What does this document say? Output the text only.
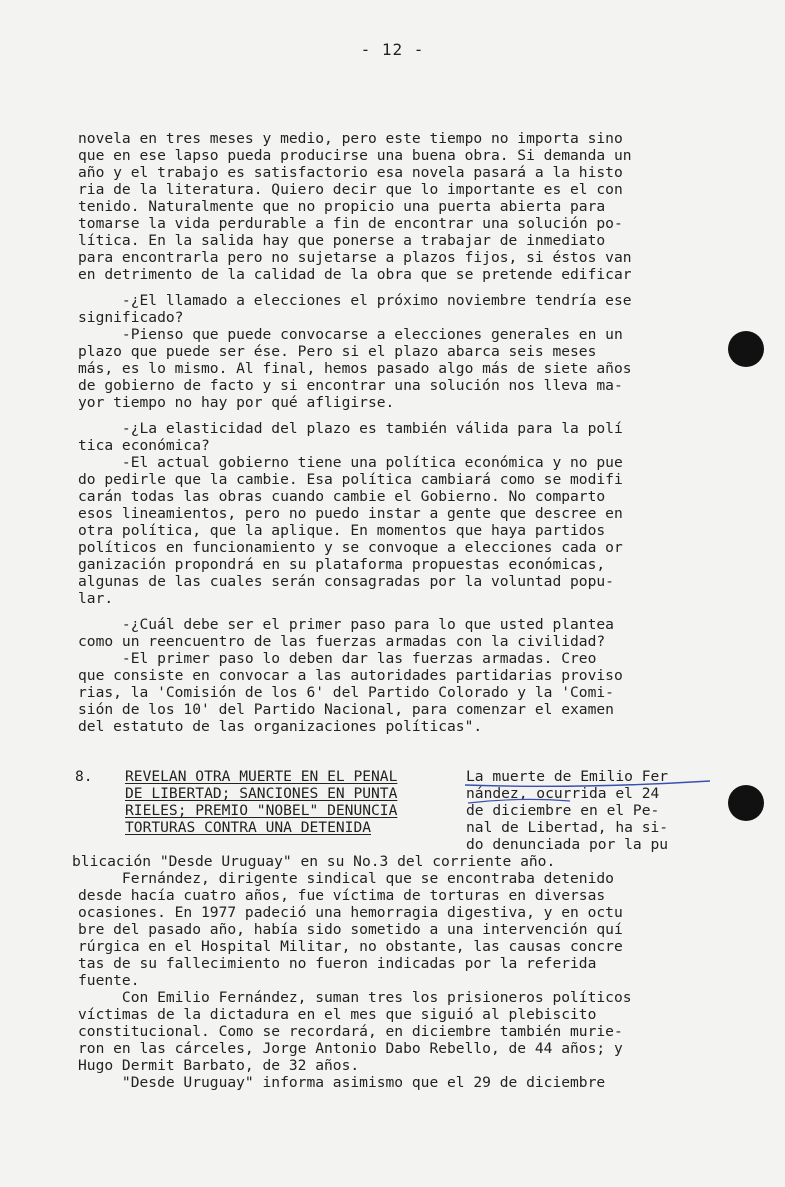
- 12 -
novela en tres meses y medio, pero este tiempo no importa sino
que en ese lapso pueda producirse una buena obra. Si demanda un
año y el trabajo es satisfactorio esa novela pasará a la histo
ria de la literatura. Quiero decir que lo importante es el con
tenido. Naturalmente que no propicio una puerta abierta para
tomarse la vida perdurable a fin de encontrar una solución po-
lítica. En la salida hay que ponerse a trabajar de inmediato
para encontrarla pero no sujetarse a plazos fijos, si éstos van
en detrimento de la calidad de la obra que se pretende edificar
-¿El llamado a elecciones el próximo noviembre tendría ese
significado?
-Pienso que puede convocarse a elecciones generales en un
plazo que puede ser ése. Pero si el plazo abarca seis meses
más, es lo mismo. Al final, hemos pasado algo más de siete años
de gobierno de facto y si encontrar una solución nos lleva ma-
yor tiempo no hay por qué afligirse.
-¿La elasticidad del plazo es también válida para la polí
tica económica?
-El actual gobierno tiene una política económica y no pue
do pedirle que la cambie. Esa política cambiará como se modifi
carán todas las obras cuando cambie el Gobierno. No comparto
esos lineamientos, pero no puedo instar a gente que descree en
otra política, que la aplique. En momentos que haya partidos
políticos en funcionamiento y se convoque a elecciones cada or
ganización propondrá en su plataforma propuestas económicas,
algunas de las cuales serán consagradas por la voluntad popu-
lar.
-¿Cuál debe ser el primer paso para lo que usted plantea
como un reencuentro de las fuerzas armadas con la civilidad?
-El primer paso lo deben dar las fuerzas armadas. Creo
que consiste en convocar a las autoridades partidarias proviso
rias, la 'Comisión de los 6' del Partido Colorado y la 'Comi-
sión de los 10' del Partido Nacional, para comenzar el examen
del estatuto de las organizaciones políticas".
8. REVELAN OTRA MUERTE EN EL PENAL
DE LIBERTAD; SANCIONES EN PUNTA
RIELES; PREMIO "NOBEL" DENUNCIA
TORTURAS CONTRA UNA DETENIDA
La muerte de Emilio Fer
nández, ocurrida el 24
de diciembre en el Pe-
nal de Libertad, ha si-
do denunciada por la pu
blicación "Desde Uruguay" en su No.3 del corriente año.
Fernández, dirigente sindical que se encontraba detenido
desde hacía cuatro años, fue víctima de torturas en diversas
ocasiones. En 1977 padeció una hemorragia digestiva, y en octu
bre del pasado año, había sido sometido a una intervención quí
rúrgica en el Hospital Militar, no obstante, las causas concre
tas de su fallecimiento no fueron indicadas por la referida
fuente.
Con Emilio Fernández, suman tres los prisioneros políticos
víctimas de la dictadura en el mes que siguió al plebiscito
constitucional. Como se recordará, en diciembre también murie-
ron en las cárceles, Jorge Antonio Dabo Rebello, de 44 años; y
Hugo Dermit Barbato, de 32 años.
"Desde Uruguay" informa asimismo que el 29 de diciembre
